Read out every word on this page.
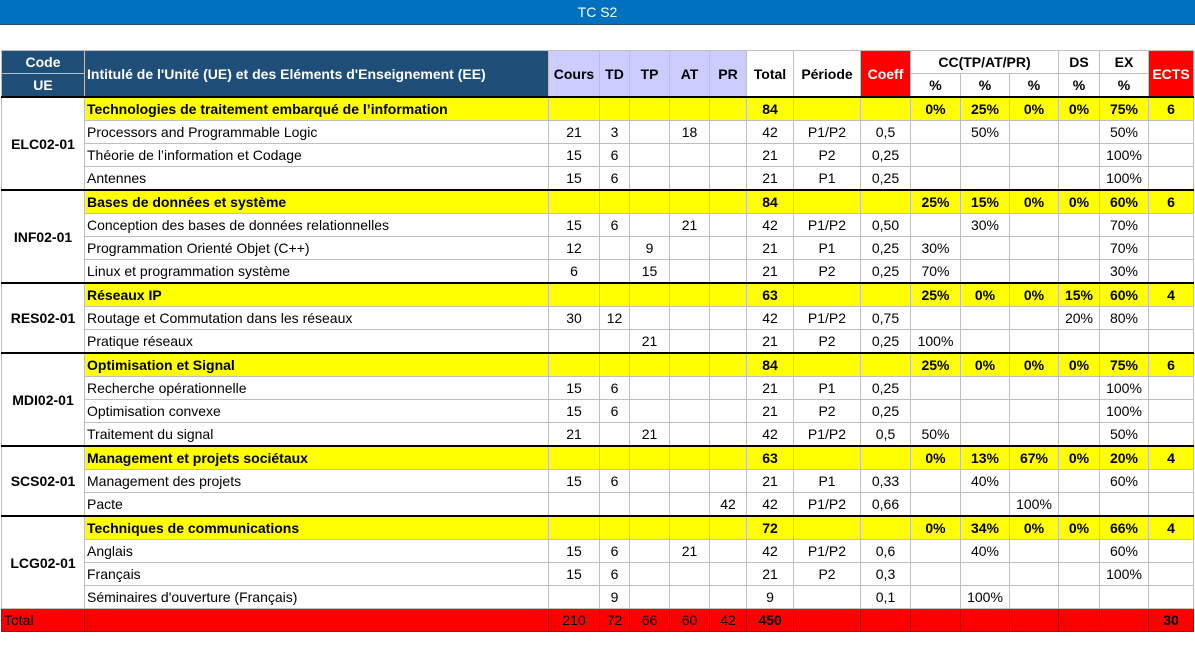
TC S2
Code	Intitulé de l'Unité (UE) et des Eléments d'Enseignement (EE)	Cours	TD	TP	AT	PR	Total	Période	Coeff	CC(TP/AT/PR)			DS	EX	ECTS
UE										%	%	%	%	%	
ELC02-01	Technologies de traitement embarqué de l’information						84			0%	25%	0%	0%	75%	6
	Processors and Programmable Logic	21	3		18		42	P1/P2	0,5		50%			50%	
	Théorie de l’information et Codage	15	6				21	P2	0,25					100%	
	Antennes	15	6				21	P1	0,25					100%	
INF02-01	Bases de données et système						84			25%	15%	0%	0%	60%	6
	Conception des bases de données relationnelles	15	6		21		42	P1/P2	0,50		30%			70%	
	Programmation Orienté Objet (C++)	12		9			21	P1	0,25	30%				70%	
	Linux et programmation système	6		15			21	P2	0,25	70%				30%	
RES02-01	Réseaux IP						63			25%	0%	0%	15%	60%	4
	Routage et Commutation dans les réseaux	30	12				42	P1/P2	0,75				20%	80%	
	Pratique réseaux			21			21	P2	0,25	100%					
MDI02-01	Optimisation et Signal						84			25%	0%	0%	0%	75%	6
	Recherche opérationnelle	15	6				21	P1	0,25					100%	
	Optimisation convexe	15	6				21	P2	0,25					100%	
	Traitement du signal	21		21			42	P1/P2	0,5	50%				50%	
SCS02-01	Management et projets sociétaux						63			0%	13%	67%	0%	20%	4
	Management des projets	15	6				21	P1	0,33		40%			60%	
	Pacte					42	42	P1/P2	0,66			100%			
LCG02-01	Techniques de communications						72			0%	34%	0%	0%	66%	4
	Anglais	15	6		21		42	P1/P2	0,6		40%			60%	
	Français	15	6				21	P2	0,3					100%	
	Séminaires d'ouverture (Français)		9				9		0,1		100%				
Total		210	72	66	60	42	450								30
